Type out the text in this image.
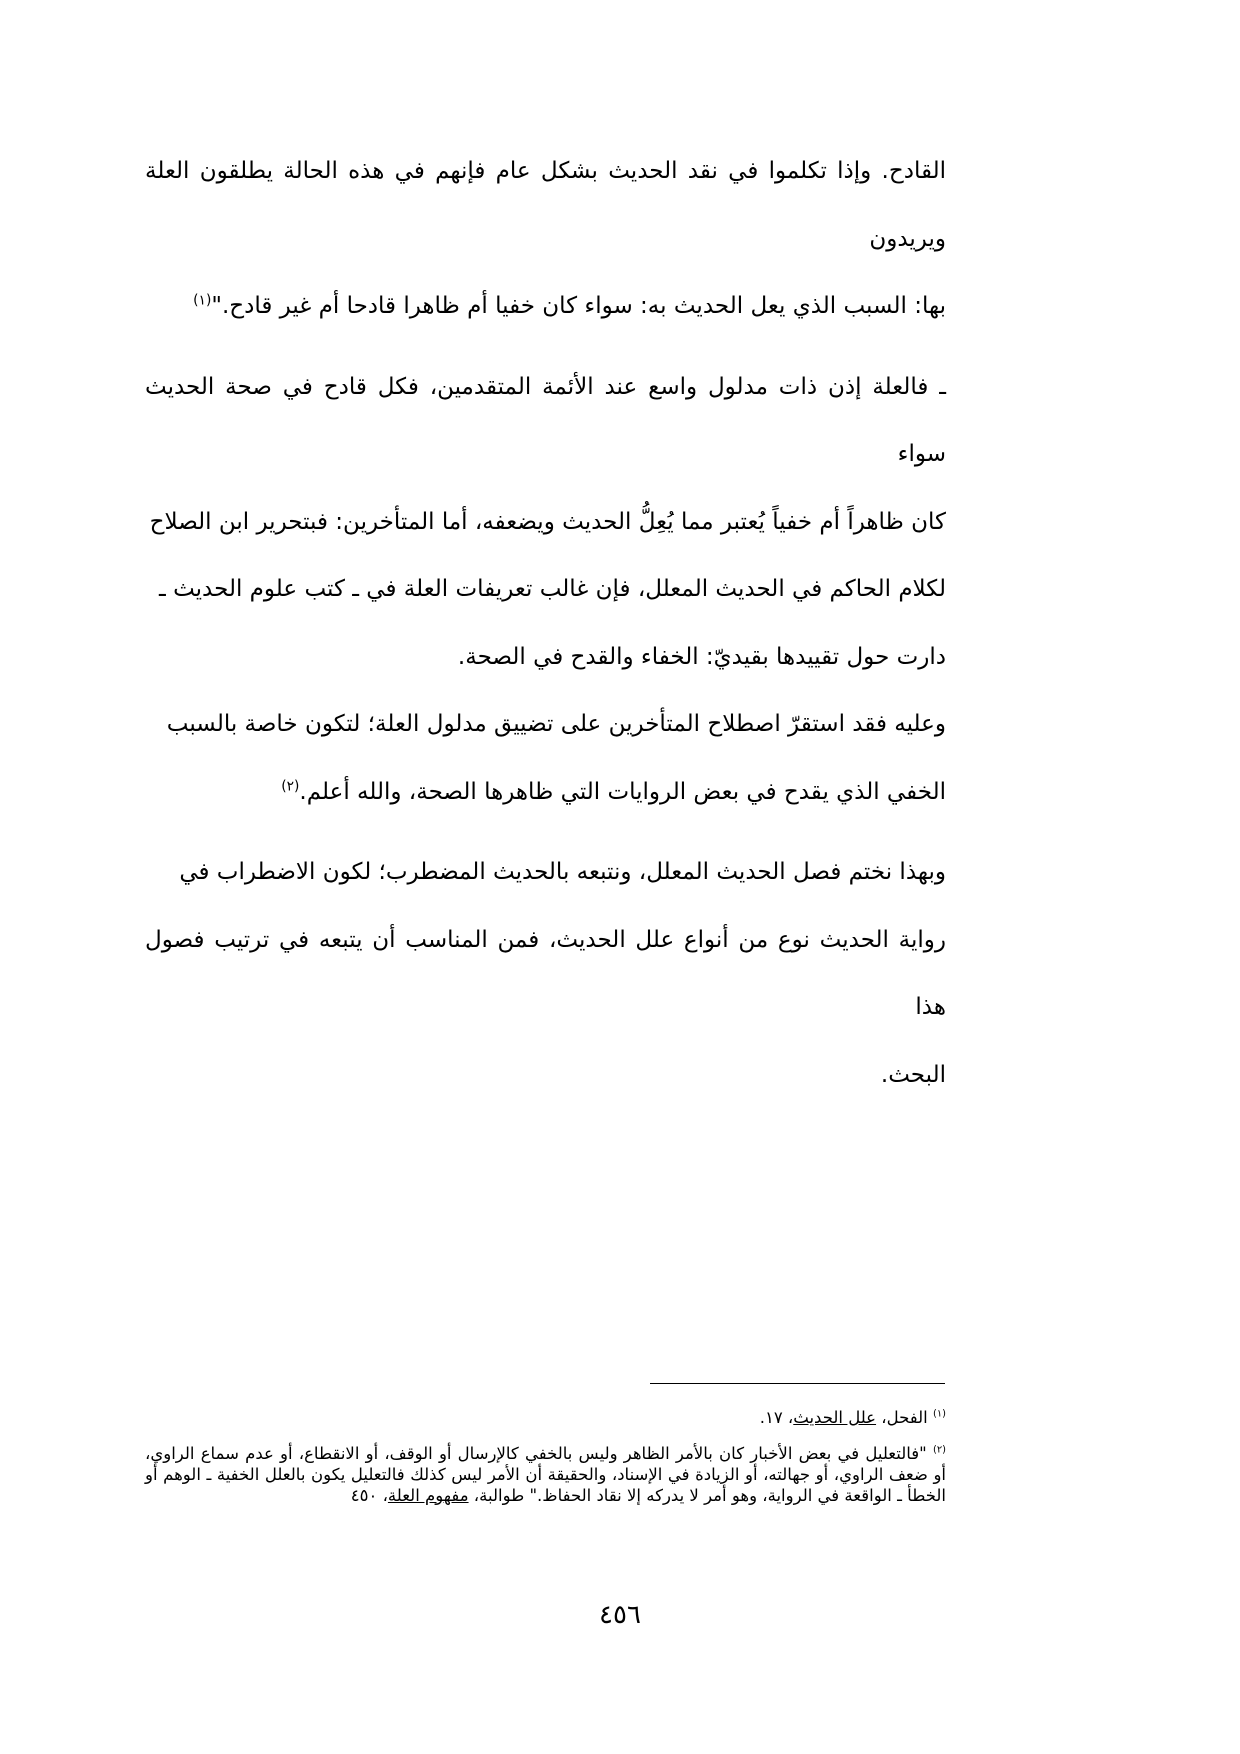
القادح. وإذا تكلموا في نقد الحديث بشكل عام فإنهم في هذه الحالة يطلقون العلة ويريدون
بها: السبب الذي يعل الحديث به: سواء كان خفيا أم ظاهرا قادحا أم غير قادح."$^{(١)}$

ـ فالعلة إذن ذات مدلول واسع عند الأئمة المتقدمين، فكل قادح في صحة الحديث سواء
كان ظاهراً أم خفياً يُعتبر مما يُعِلُّ الحديث ويضعفه، أما المتأخرين: فبتحرير ابن الصلاح
لكلام الحاكم في الحديث المعلل، فإن غالب تعريفات العلة في ـ كتب علوم الحديث ـ
دارت حول تقييدها بقيديّ: الخفاء والقدح في الصحة.

وعليه فقد استقرّ اصطلاح المتأخرين على تضييق مدلول العلة؛ لتكون خاصة بالسبب
الخفي الذي يقدح في بعض الروايات التي ظاهرها الصحة، والله أعلم.$^{(٢)}$

وبهذا نختم فصل الحديث المعلل، ونتبعه بالحديث المضطرب؛ لكون الاضطراب في
رواية الحديث نوع من أنواع علل الحديث، فمن المناسب أن يتبعه في ترتيب فصول هذا
البحث.

$^{(١)}$ الفحل، علل الحديث، ١٧.

$^{(٢)}$ "فالتعليل في بعض الأخبار كان بالأمر الظاهر وليس بالخفي كالإرسال أو الوقف، أو الانقطاع، أو عدم سماع الراوي، أو ضعف الراوي، أو جهالته، أو الزيادة في الإسناد، والحقيقة أن الأمر ليس كذلك فالتعليل يكون بالعلل الخفية ـ الوهم أو الخطأ ـ الواقعة في الرواية، وهو أمر لا يدركه إلا نقاد الحفاظ." طوالبة، مفهوم العلة، ٤٥٠

٤٥٦
